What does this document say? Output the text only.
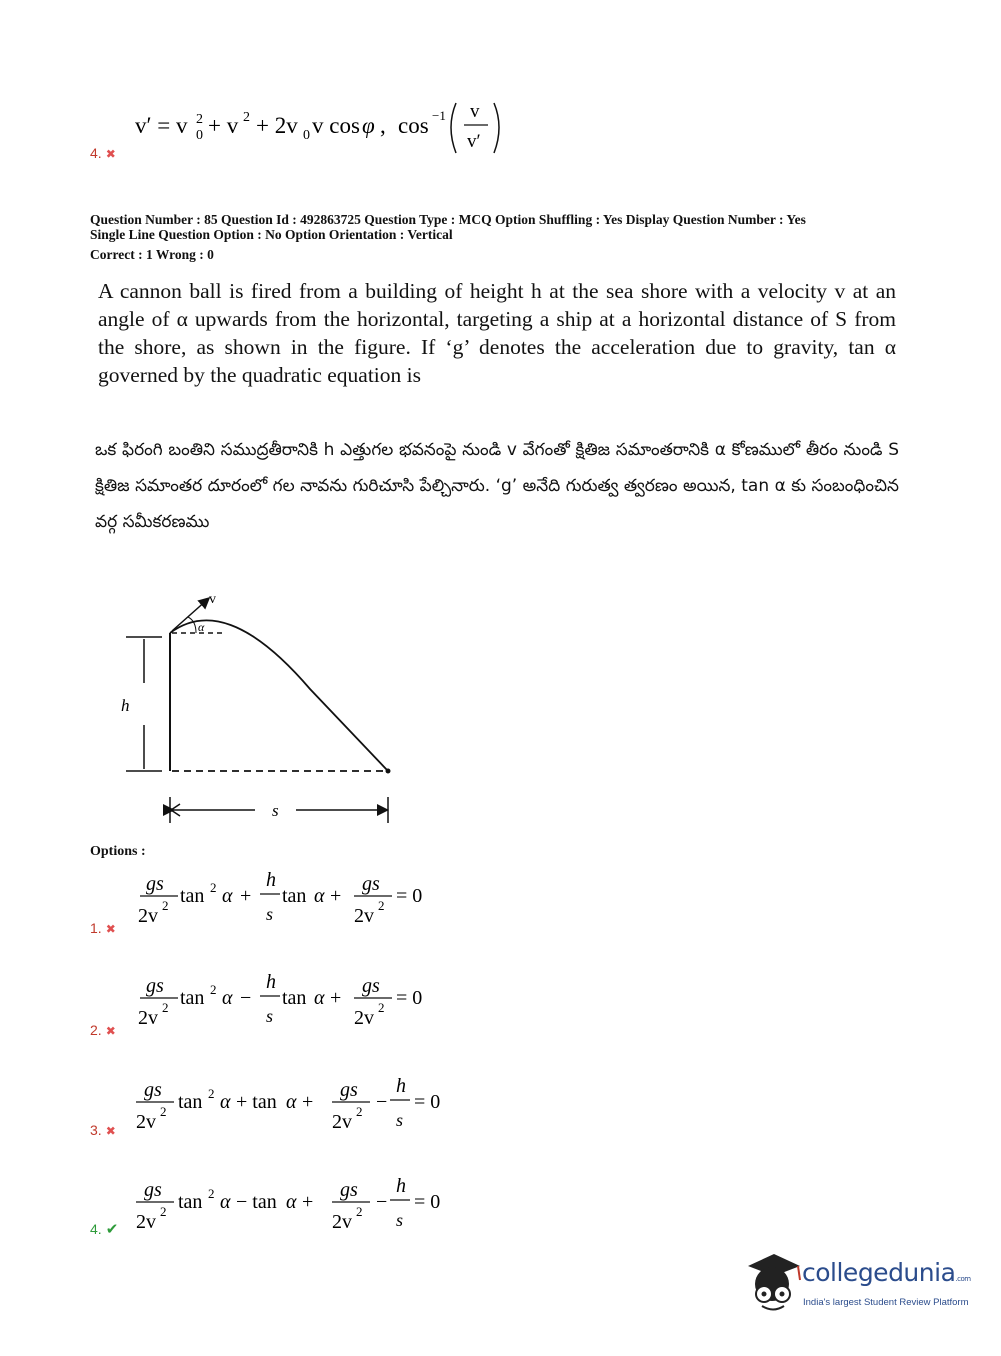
v′ = v 2
0 + v 2 + 2v 0 v cos φ , cos −1 v
v′
4. ✖
Question Number : 85 Question Id : 492863725 Question Type : MCQ Option Shuffling : Yes Display Question Number : Yes
Single Line Question Option : No Option Orientation : Vertical
Correct : 1 Wrong : 0
A cannon ball is fired from a building of height h at the sea shore with a velocity v at an angle of α upwards from the horizontal, targeting a ship at a horizontal distance of S from the shore, as shown in the figure. If ‘g’ denotes the acceleration due to gravity, tan α governed by the quadratic equation is
ఒక ఫిరంగి బంతిని సముద్రతీరానికి h ఎత్తుగల భవనంపై నుండి v వేగంతో క్షితిజ సమాంతరానికి α కోణములో తీరం నుండి S క్షితిజ సమాంతర దూరంలో గల నావను గురిచూసి పేల్చినారు. ‘g’ అనేది గురుత్వ త్వరణం అయిన, tan α కు సంబంధించిన వర్గ సమీకరణము
h
v
α
s
Options :
gs
2v 2 tan 2 α +
h
s
tan α +
gs
2v 2 = 0
1. ✖
gs
2v 2 tan 2 α −
h
s
tan α +
gs
2v 2 = 0
2. ✖
gs
2v 2 tan 2 α + tan α +
gs
2v 2 −
h
s
= 0
3. ✖
gs
2v 2 tan 2 α − tan α +
gs
2v 2 −
h
s
= 0
4. ✔
collegedunia.com
India's largest Student Review Platform
